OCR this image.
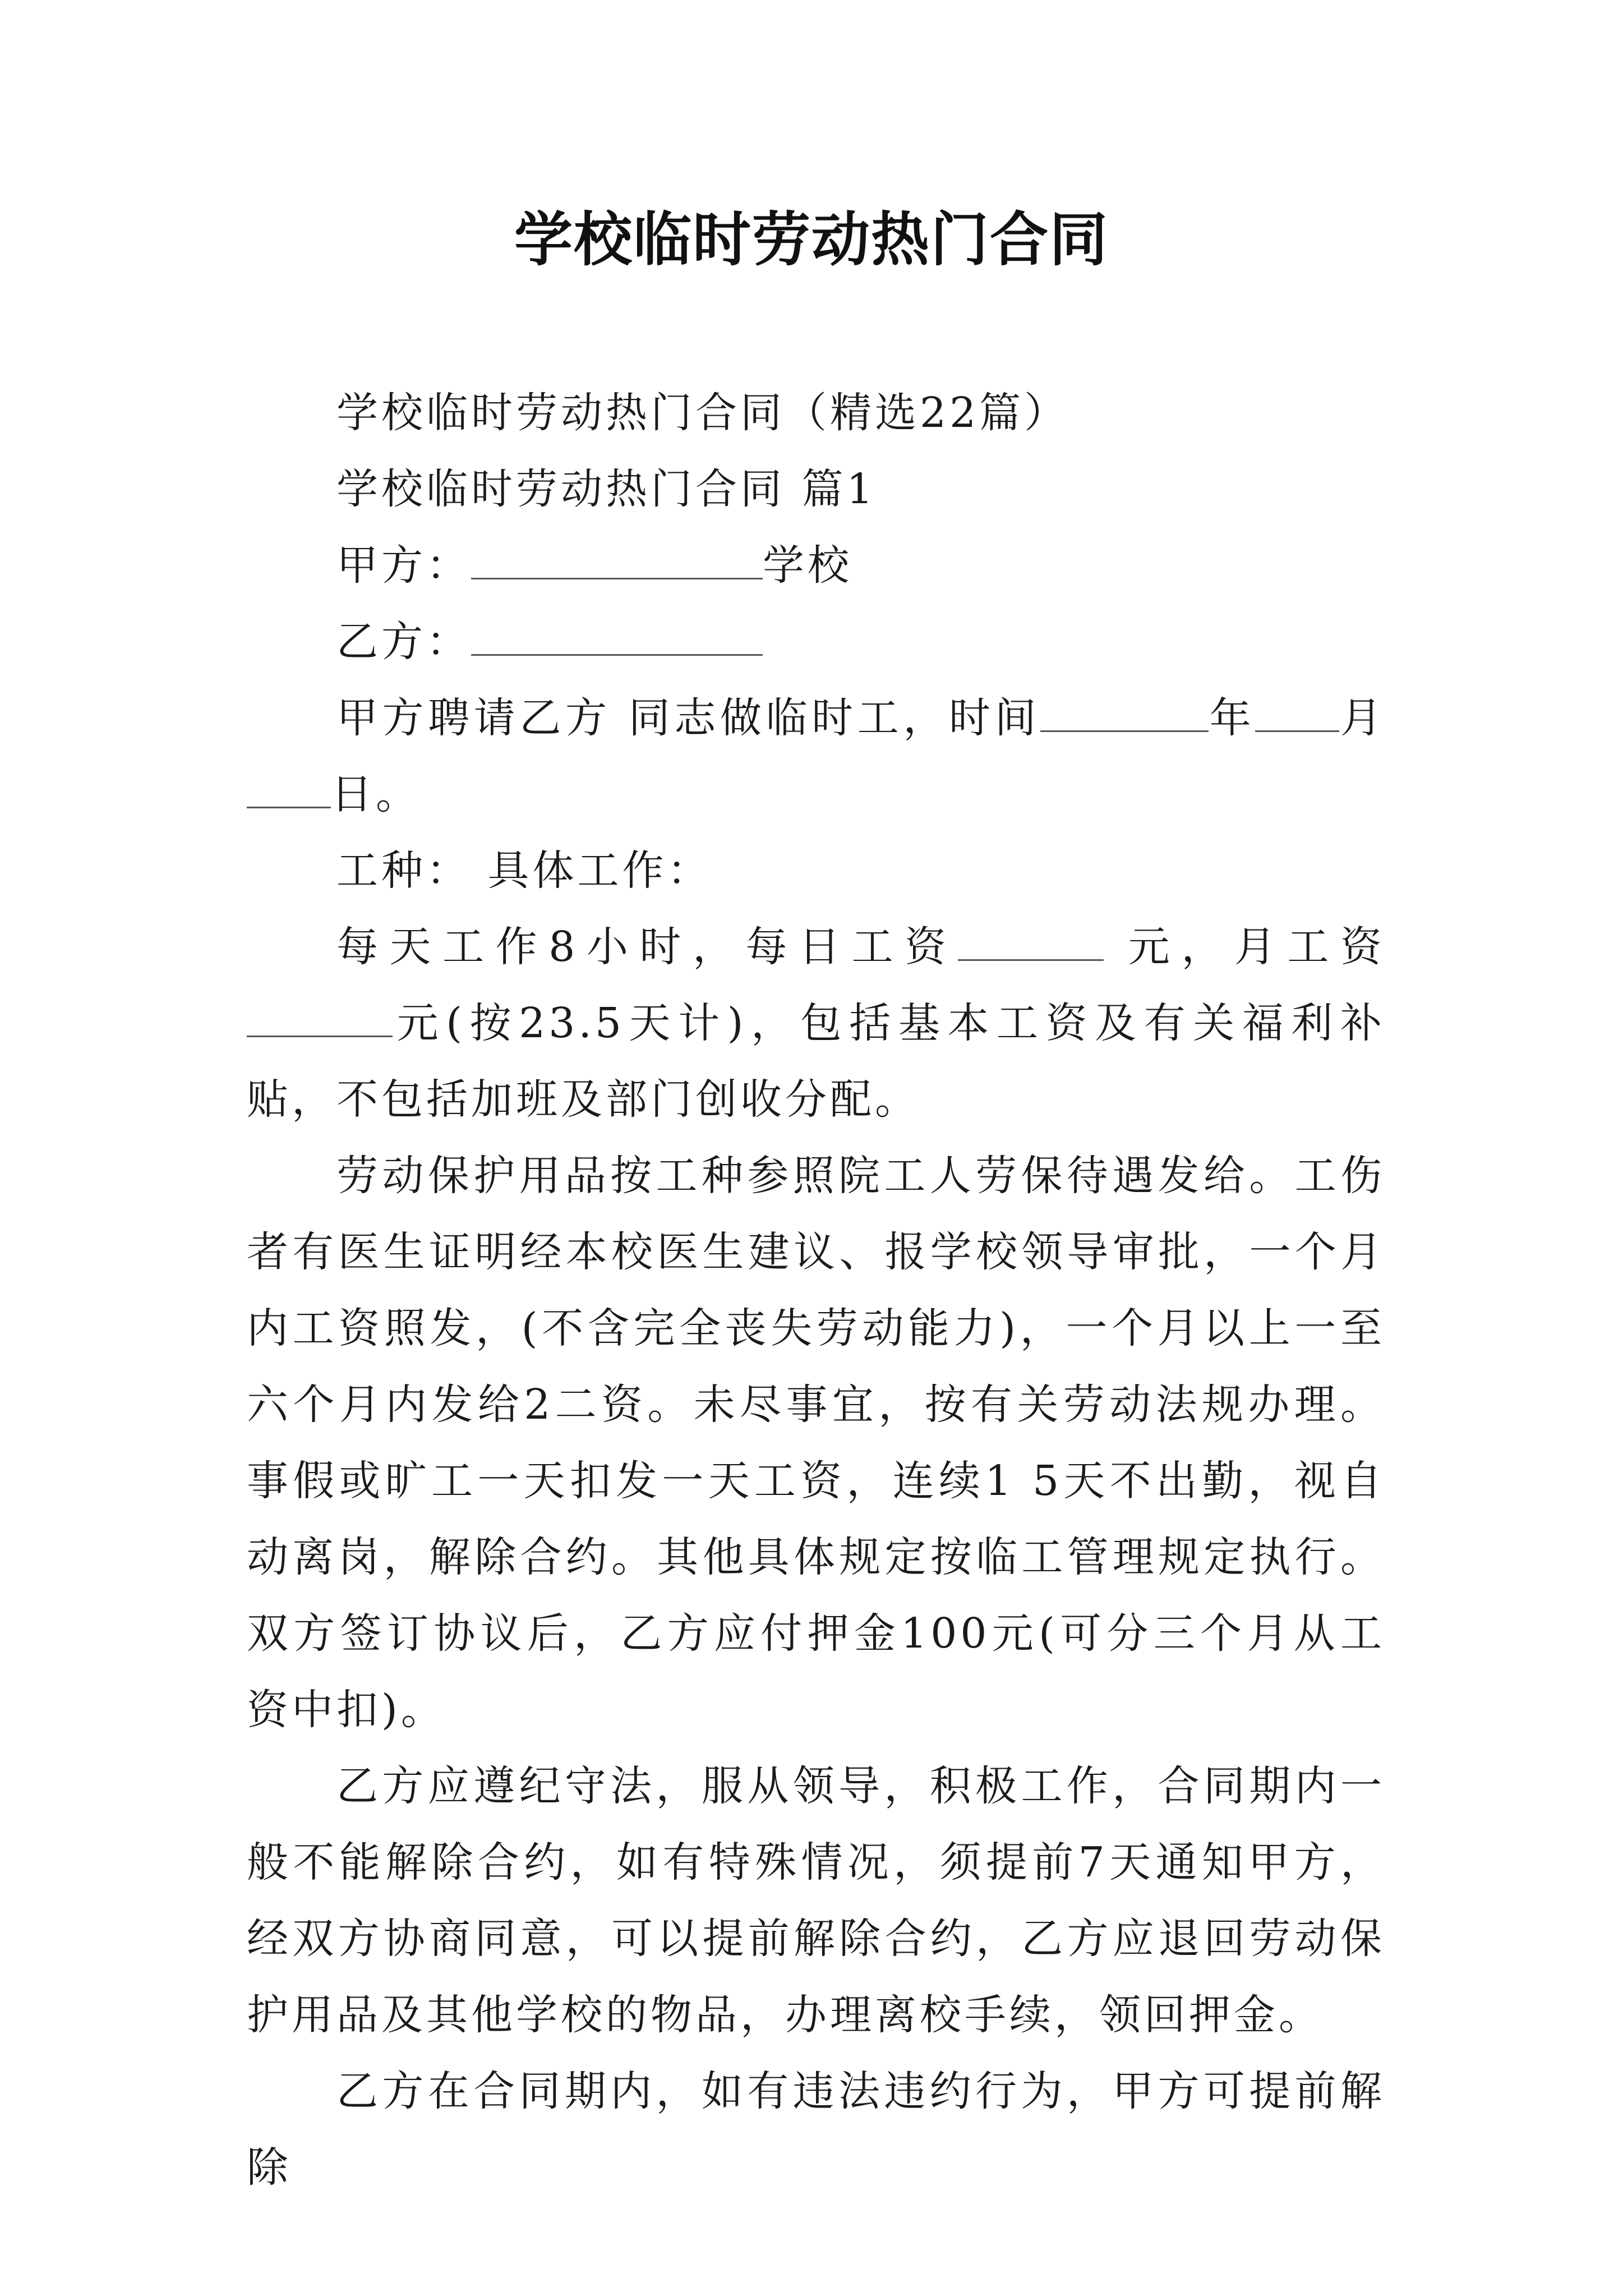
学校临时劳动热门合同

学校临时劳动热门合同（精选22篇）

学校临时劳动热门合同 篇1

甲方：	学校

乙方：

甲方聘请乙方 同志做临时工，时间	年 月日。

工种： 具体工作：

每天工作8小时，每日工资	元，月工资元(按23.5天计)，包括基本工资及有关福利补贴，不包括加班及部门创收分配。

劳动保护用品按工种参照院工人劳保待遇发给。工伤者有医生证明经本校医生建议、报学校领导审批，一个月内工资照发，(不含完全丧失劳动能力)，一个月以上一至六个月内发给2二资。未尽事宜，按有关劳动法规办理。事假或旷工一天扣发一天工资，连续1 5天不出勤，视自动离岗，解除合约。其他具体规定按临工管理规定执行。双方签订协议后，乙方应付押金100元(可分三个月从工资中扣)。

乙方应遵纪守法，服从领导，积极工作，合同期内一般不能解除合约，如有特殊情况，须提前7天通知甲方，经双方协商同意，可以提前解除合约，乙方应退回劳动保护用品及其他学校的物品，办理离校手续，领回押金。

乙方在合同期内，如有违法违约行为，甲方可提前解除
